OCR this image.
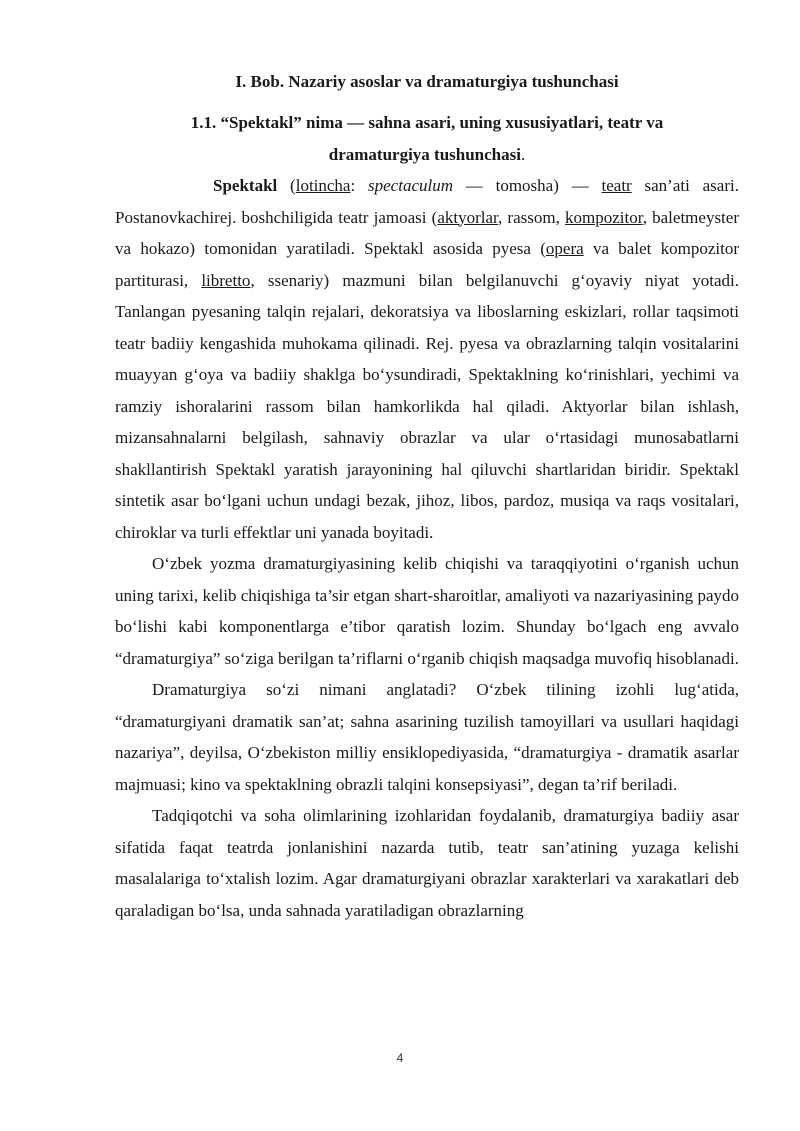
I. Bob. Nazariy asoslar va dramaturgiya tushunchasi

1.1. “Spektakl” nima — sahna asari, uning xususiyatlari, teatr va
dramaturgiya tushunchasi.

Spektakl (lotincha: spectaculum — tomosha) — teatr san’ati asari. Postanovkachirej. boshchiligida teatr jamoasi (aktyorlar, rassom, kompozitor, baletmeyster va hokazo) tomonidan yaratiladi. Spektakl asosida pyesa (opera va balet kompozitor partiturasi, libretto, ssenariy) mazmuni bilan belgilanuvchi g‘oyaviy niyat yotadi. Tanlangan pyesaning talqin rejalari, dekoratsiya va liboslarning eskizlari, rollar taqsimoti teatr badiiy kengashida muhokama qilinadi. Rej. pyesa va obrazlarning talqin vositalarini muayyan g‘oya va badiiy shaklga bo‘ysundiradi, Spektaklning ko‘rinishlari, yechimi va ramziy ishoralarini rassom bilan hamkorlikda hal qiladi. Aktyorlar bilan ishlash, mizansahnalarni belgilash, sahnaviy obrazlar va ular o‘rtasidagi munosabatlarni shakllantirish Spektakl yaratish jarayonining hal qiluvchi shartlaridan biridir. Spektakl sintetik asar bo‘lgani uchun undagi bezak, jihoz, libos, pardoz, musiqa va raqs vositalari, chiroklar va turli effektlar uni yanada boyitadi.

O‘zbek yozma dramaturgiyasining kelib chiqishi va taraqqiyotini o‘rganish uchun uning tarixi, kelib chiqishiga ta’sir etgan shart-sharoitlar, amaliyoti va nazariyasining paydo bo‘lishi kabi komponentlarga e’tibor qaratish lozim. Shunday bo‘lgach eng avvalo “dramaturgiya” so‘ziga berilgan ta’riflarni o‘rganib chiqish maqsadga muvofiq hisoblanadi.

Dramaturgiya so‘zi nimani anglatadi? O‘zbek tilining izohli lug‘atida, “dramaturgiyani dramatik san’at; sahna asarining tuzilish tamoyillari va usullari haqidagi nazariya”, deyilsa, O‘zbekiston milliy ensiklopediyasida, “dramaturgiya - dramatik asarlar majmuasi; kino va spektaklning obrazli talqini konsepsiyasi”, degan ta’rif beriladi.

Tadqiqotchi va soha olimlarining izohlaridan foydalanib, dramaturgiya badiiy asar sifatida faqat teatrda jonlanishini nazarda tutib, teatr san’atining yuzaga kelishi masalalariga to‘xtalish lozim. Agar dramaturgiyani obrazlar xarakterlari va xarakatlari deb qaraladigan bo‘lsa, unda sahnada yaratiladigan obrazlarning

4
